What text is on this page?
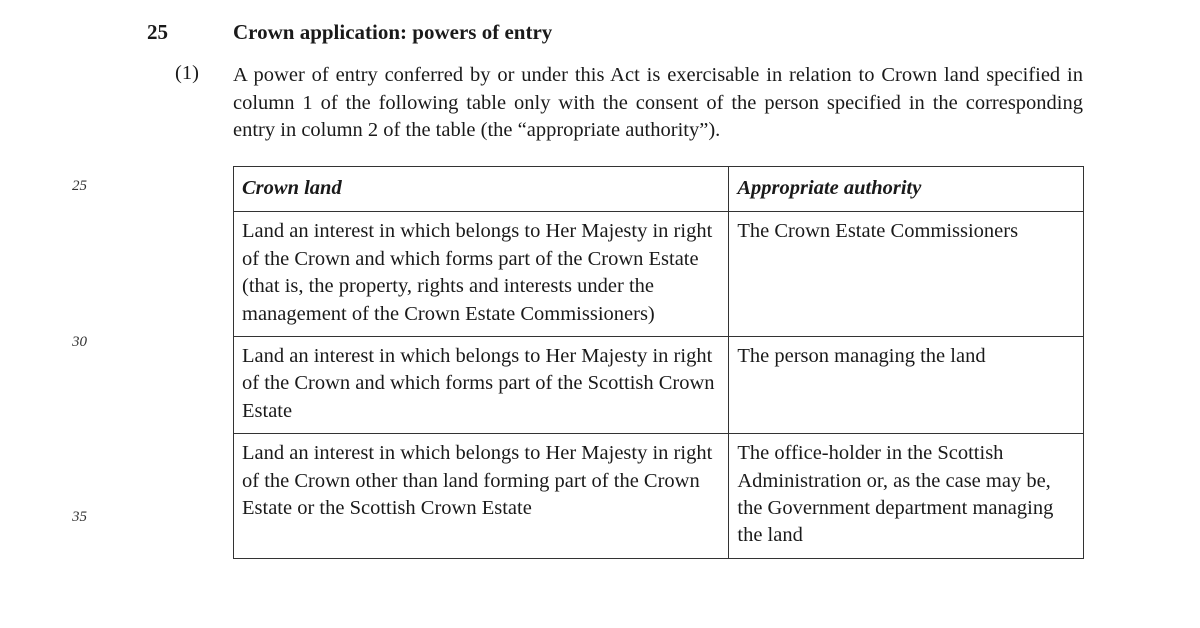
25	Crown application: powers of entry
(1) A power of entry conferred by or under this Act is exercisable in relation to Crown land specified in column 1 of the following table only with the consent of the person specified in the corresponding entry in column 2 of the table (the “appropriate authority”).
25
30
35
Crown land	Appropriate authority
Land an interest in which belongs to Her Majesty in right of the Crown and which forms part of the Crown Estate (that is, the property, rights and interests under the management of the Crown Estate Commissioners)	The Crown Estate Commissioners
Land an interest in which belongs to Her Majesty in right of the Crown and which forms part of the Scottish Crown Estate	The person managing the land
Land an interest in which belongs to Her Majesty in right of the Crown other than land forming part of the Crown Estate or the Scottish Crown Estate	The office-holder in the Scottish Administration or, as the case may be, the Government department managing the land
